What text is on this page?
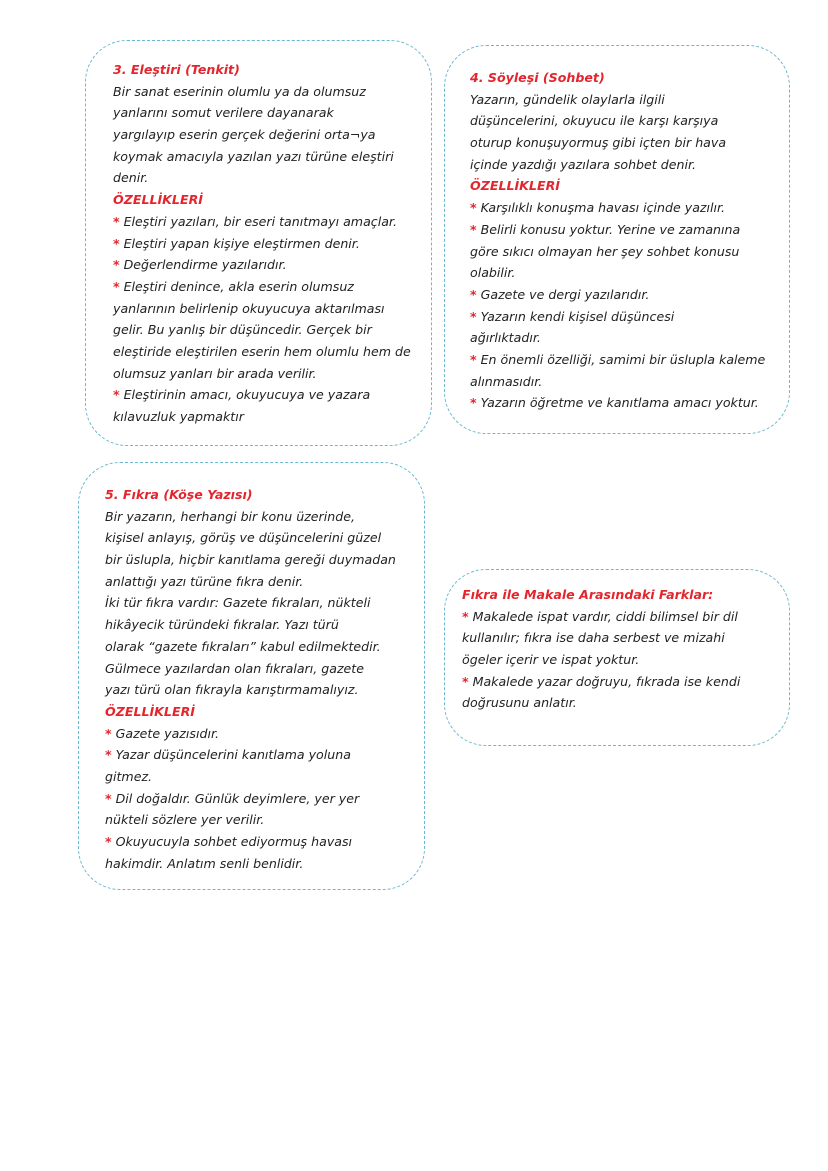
3. Eleştiri (Tenkit)
Bir sanat eserinin olumlu ya da olumsuz
yanlarını somut verilere dayanarak
yargılayıp eserin gerçek değerini orta¬ya
koymak amacıyla yazılan yazı türüne eleştiri
denir.
ÖZELLİKLERİ
* Eleştiri yazıları, bir eseri tanıtmayı amaçlar.
* Eleştiri yapan kişiye eleştirmen denir.
* Değerlendirme yazılarıdır.
* Eleştiri denince, akla eserin olumsuz
yanlarının belirlenip okuyucuya aktarılması
gelir. Bu yanlış bir düşüncedir. Gerçek bir
eleştiride eleştirilen eserin hem olumlu hem de
olumsuz yanları bir arada verilir.
* Eleştirinin amacı, okuyucuya ve yazara
kılavuzluk yapmaktır
4. Söyleşi (Sohbet)
Yazarın, gündelik olaylarla ilgili
düşüncelerini, okuyucu ile karşı karşıya
oturup konuşuyormuş gibi içten bir hava
içinde yazdığı yazılara sohbet denir.
ÖZELLİKLERİ
* Karşılıklı konuşma havası içinde yazılır.
* Belirli konusu yoktur. Yerine ve zamanına
göre sıkıcı olmayan her şey sohbet konusu
olabilir.
* Gazete ve dergi yazılarıdır.
* Yazarın kendi kişisel düşüncesi
ağırlıktadır.
* En önemli özelliği, samimi bir üslupla kaleme
alınmasıdır.
* Yazarın öğretme ve kanıtlama amacı yoktur.
5. Fıkra (Köşe Yazısı)
Bir yazarın, herhangi bir konu üzerinde,
kişisel anlayış, görüş ve düşüncelerini güzel
bir üslupla, hiçbir kanıtlama gereği duymadan
anlattığı yazı türüne fıkra denir.
İki tür fıkra vardır: Gazete fıkraları, nükteli
hikâyecik türündeki fıkralar. Yazı türü
olarak “gazete fıkraları” kabul edilmektedir.
Gülmece yazılardan olan fıkraları, gazete
yazı türü olan fıkrayla karıştırmamalıyız.
ÖZELLİKLERİ
* Gazete yazısıdır.
* Yazar düşüncelerini kanıtlama yoluna
gitmez.
* Dil doğaldır. Günlük deyimlere, yer yer
nükteli sözlere yer verilir.
* Okuyucuyla sohbet ediyormuş havası
hakimdir. Anlatım senli benlidir.
Fıkra ile Makale Arasındaki Farklar:
* Makalede ispat vardır, ciddi bilimsel bir dil
kullanılır; fıkra ise daha serbest ve mizahi
ögeler içerir ve ispat yoktur.
* Makalede yazar doğruyu, fıkrada ise kendi
doğrusunu anlatır.
